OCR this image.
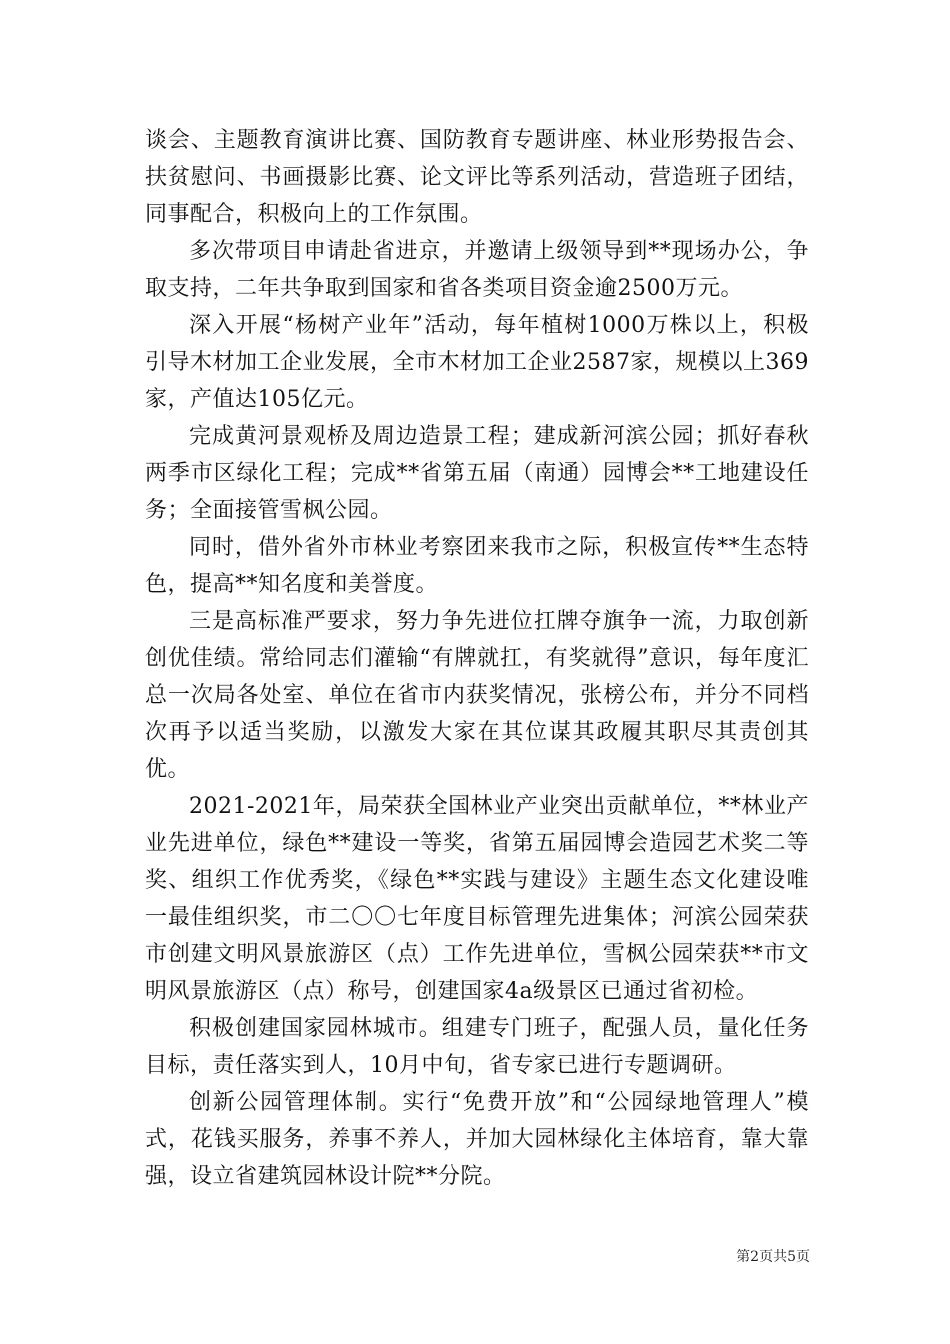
谈会、主题教育演讲比赛、国防教育专题讲座、林业形势报告会、扶贫慰问、书画摄影比赛、论文评比等系列活动，营造班子团结，同事配合，积极向上的工作氛围。

多次带项目申请赴省进京，并邀请上级领导到**现场办公，争取支持，二年共争取到国家和省各类项目资金逾2500万元。

深入开展“杨树产业年”活动，每年植树1000万株以上，积极引导木材加工企业发展，全市木材加工企业2587家，规模以上369家，产值达105亿元。

完成黄河景观桥及周边造景工程；建成新河滨公园；抓好春秋两季市区绿化工程；完成**省第五届（南通）园博会**工地建设任务；全面接管雪枫公园。

同时，借外省外市林业考察团来我市之际，积极宣传**生态特色，提高**知名度和美誉度。

三是高标准严要求，努力争先进位扛牌夺旗争一流，力取创新创优佳绩。常给同志们灌输“有牌就扛，有奖就得”意识，每年度汇总一次局各处室、单位在省市内获奖情况，张榜公布，并分不同档次再予以适当奖励，以激发大家在其位谋其政履其职尽其责创其优。

2021-2021年，局荣获全国林业产业突出贡献单位，**林业产业先进单位，绿色**建设一等奖，省第五届园博会造园艺术奖二等奖、组织工作优秀奖，《绿色**实践与建设》主题生态文化建设唯一最佳组织奖，市二〇〇七年度目标管理先进集体；河滨公园荣获市创建文明风景旅游区（点）工作先进单位，雪枫公园荣获**市文明风景旅游区（点）称号，创建国家4a级景区已通过省初检。

积极创建国家园林城市。组建专门班子，配强人员，量化任务目标，责任落实到人，10月中旬，省专家已进行专题调研。

创新公园管理体制。实行“免费开放”和“公园绿地管理人”模式，花钱买服务，养事不养人，并加大园林绿化主体培育，靠大靠强，设立省建筑园林设计院**分院。

第2页共5页
